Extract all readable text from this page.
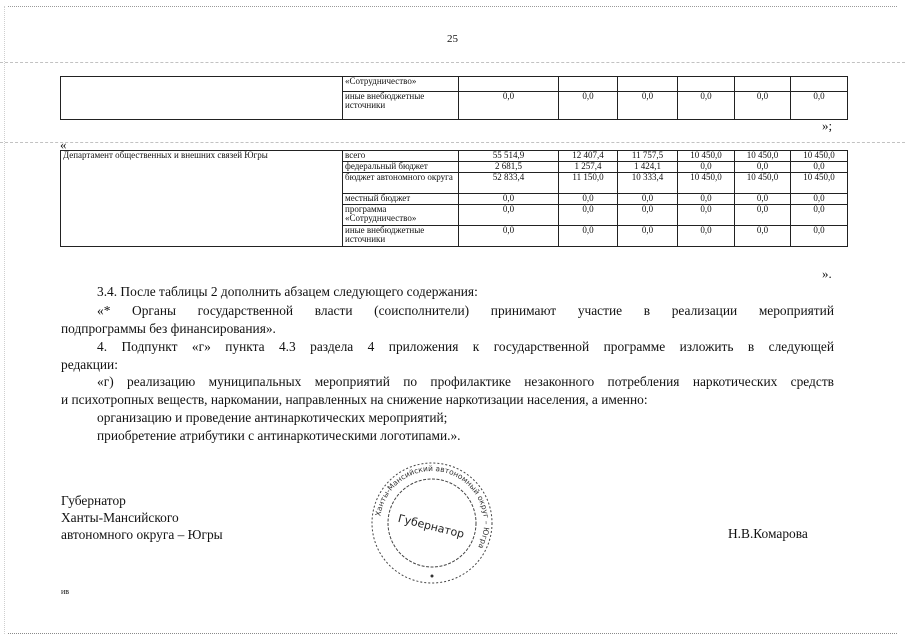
25
	«Сотрудничество»						
	иные внебюджетные источники	0,0	0,0	0,0	0,0	0,0	0,0
»;
«
Департамент общественных и внешних связей Югры	всего	55 514,9	12 407,4	11 757,5	10 450,0	10 450,0	10 450,0
	федеральный бюджет	2 681,5	1 257,4	1 424,1	0,0	0,0	0,0
	бюджет автономного округа	52 833,4	11 150,0	10 333,4	10 450,0	10 450,0	10 450,0
	местный бюджет	0,0	0,0	0,0	0,0	0,0	0,0
	программа «Сотрудничество»	0,0	0,0	0,0	0,0	0,0	0,0
	иные внебюджетные источники	0,0	0,0	0,0	0,0	0,0	0,0
».
3.4. После таблицы 2 дополнить абзацем следующего содержания:
«* Органы государственной власти (соисполнители) принимают участие в реализации мероприятий
подпрограммы без финансирования».
4. Подпункт «г» пункта 4.3 раздела 4 приложения к государственной программе изложить в следующей
редакции:
«г) реализацию муниципальных мероприятий по профилактике незаконного потребления наркотических средств
и психотропных веществ, наркомании, направленных на снижение наркотизации населения, а именно:
организацию и проведение антинаркотических мероприятий;
приобретение атрибутики с антинаркотическими логотипами.».
Губернатор
Ханты-Мансийского
автономного округа – Югры
Ханты-Мансийский автономный округ – Югра
Губернатор	Н.В.Комарова
ив
